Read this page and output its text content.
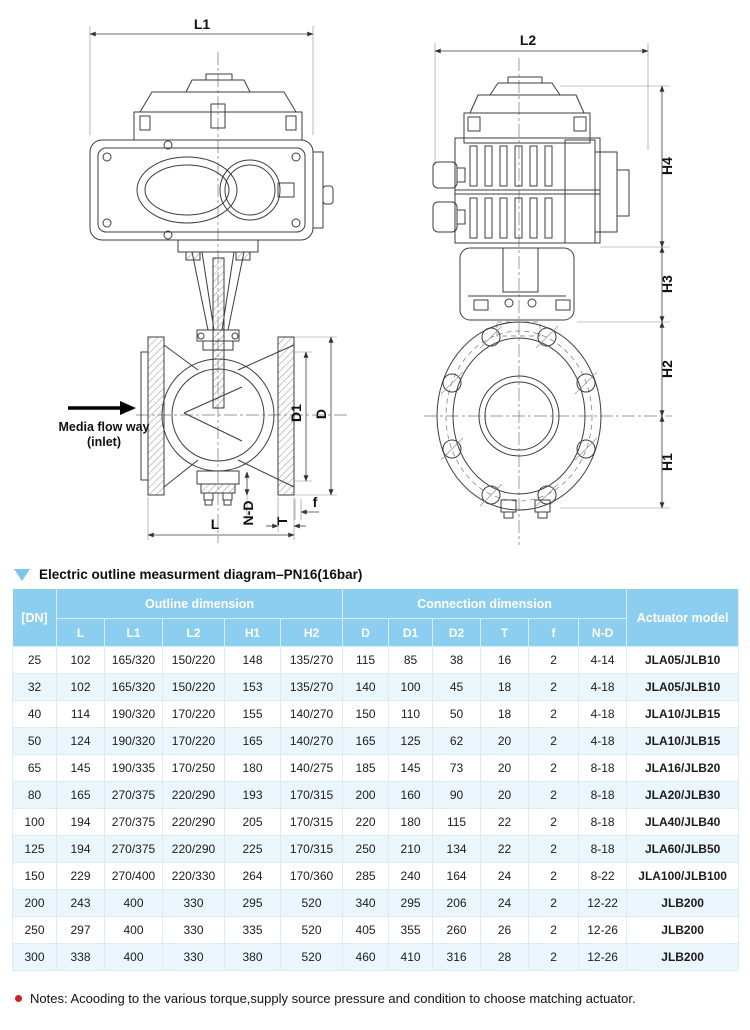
L1
Media flow way
(inlet)
D1 D
L
f
N-D T
L2
H4
H3
H2
H1
Electric outline measurment diagram–PN16(16bar)
[DN]	Outline dimension					Connection dimension						Actuator model
	L	L1	L2	H1	H2	D	D1	D2	T	f	N-D	
25	102	165/320	150/220	148	135/270	115	85	38	16	2	4-14	JLA05/JLB10
32	102	165/320	150/220	153	135/270	140	100	45	18	2	4-18	JLA05/JLB10
40	114	190/320	170/220	155	140/270	150	110	50	18	2	4-18	JLA10/JLB15
50	124	190/320	170/220	165	140/270	165	125	62	20	2	4-18	JLA10/JLB15
65	145	190/335	170/250	180	140/275	185	145	73	20	2	8-18	JLA16/JLB20
80	165	270/375	220/290	193	170/315	200	160	90	20	2	8-18	JLA20/JLB30
100	194	270/375	220/290	205	170/315	220	180	115	22	2	8-18	JLA40/JLB40
125	194	270/375	220/290	225	170/315	250	210	134	22	2	8-18	JLA60/JLB50
150	229	270/400	220/330	264	170/360	285	240	164	24	2	8-22	JLA100/JLB100
200	243	400	330	295	520	340	295	206	24	2	12-22	JLB200
250	297	400	330	335	520	405	355	260	26	2	12-26	JLB200
300	338	400	330	380	520	460	410	316	28	2	12-26	JLB200
Notes: Acooding to the various torque,supply source pressure and condition to choose matching actuator.
